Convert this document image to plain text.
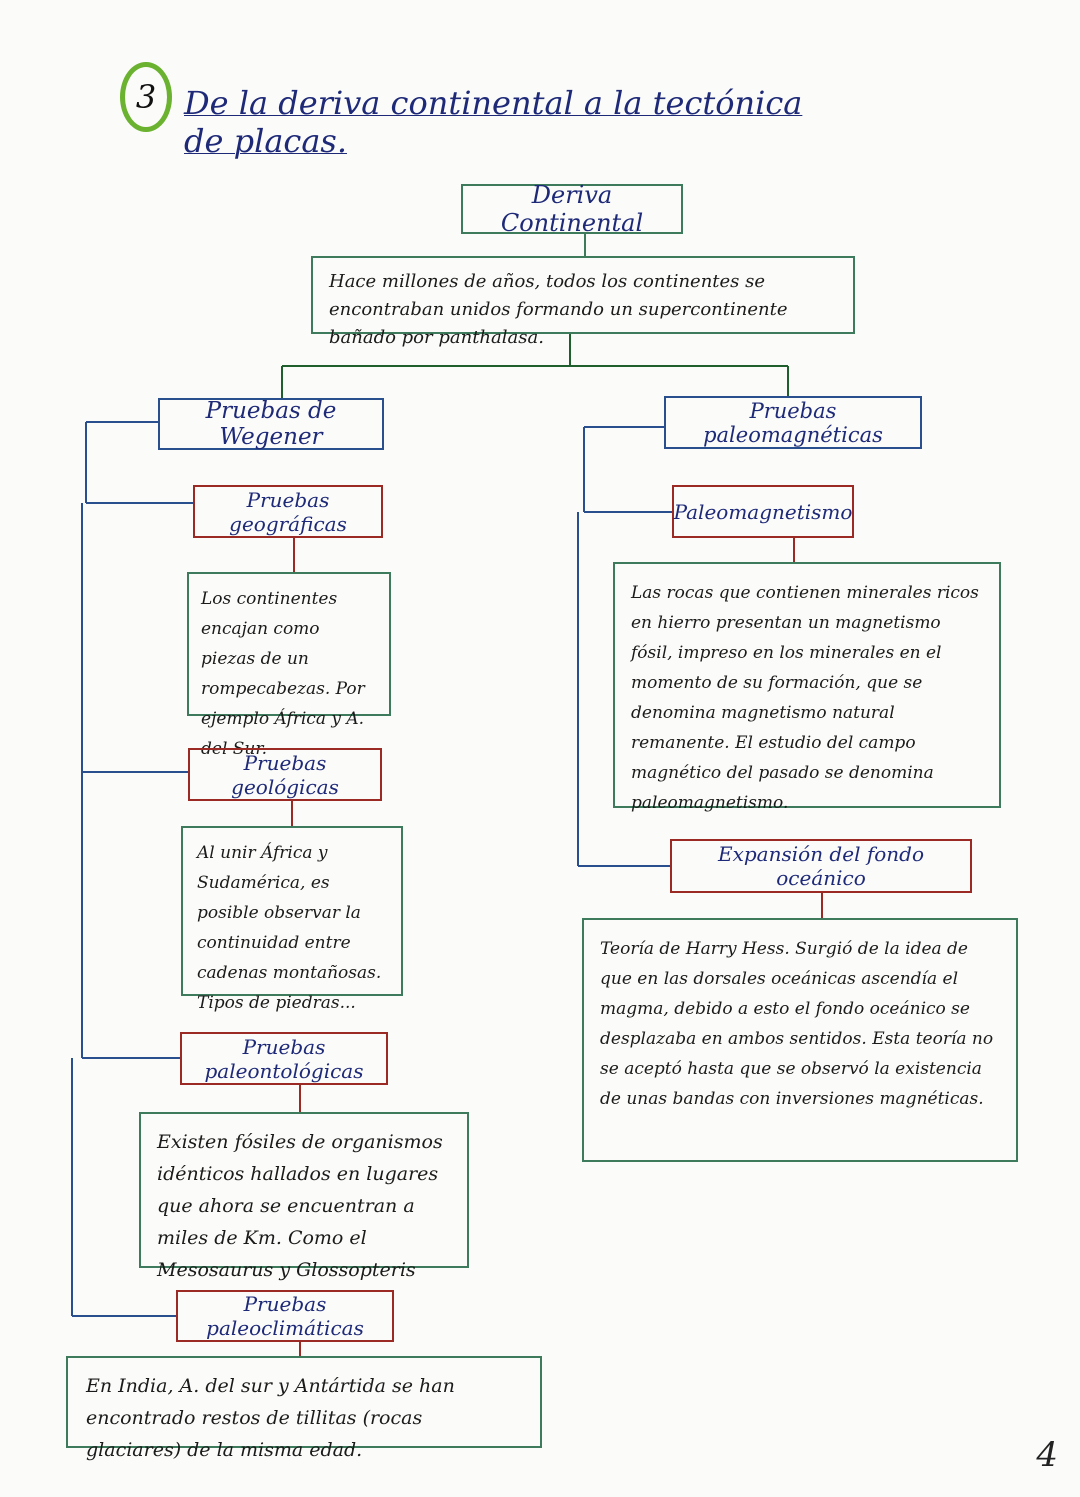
3 De la deriva continental a la tectónica de placas.
Deriva Continental
Hace millones de años, todos los continentes se encontraban unidos formando un supercontinente bañado por panthalasa.
Pruebas de Wegener
Pruebas geográficas
Los continentes encajan como piezas de un rompecabezas. Por ejemplo África y A. del Sur.
Pruebas geológicas
Al unir África y Sudamérica, es posible observar la continuidad entre cadenas montañosas. Tipos de piedras...
Pruebas paleontológicas
Existen fósiles de organismos idénticos hallados en lugares que ahora se encuentran a miles de Km. Como el Mesosaurus y Glossopteris
Pruebas paleoclimáticas
En India, A. del sur y Antártida se han encontrado restos de tillitas (rocas glaciares) de la misma edad.
Pruebas paleomagnéticas
Paleomagnetismo
Las rocas que contienen minerales ricos en hierro presentan un magnetismo fósil, impreso en los minerales en el momento de su formación, que se denomina magnetismo natural remanente. El estudio del campo magnético del pasado se denomina paleomagnetismo.
Expansión del fondo oceánico
Teoría de Harry Hess. Surgió de la idea de que en las dorsales oceánicas ascendía el magma, debido a esto el fondo oceánico se desplazaba en ambos sentidos. Esta teoría no se aceptó hasta que se observó la existencia de unas bandas con inversiones magnéticas.
4
